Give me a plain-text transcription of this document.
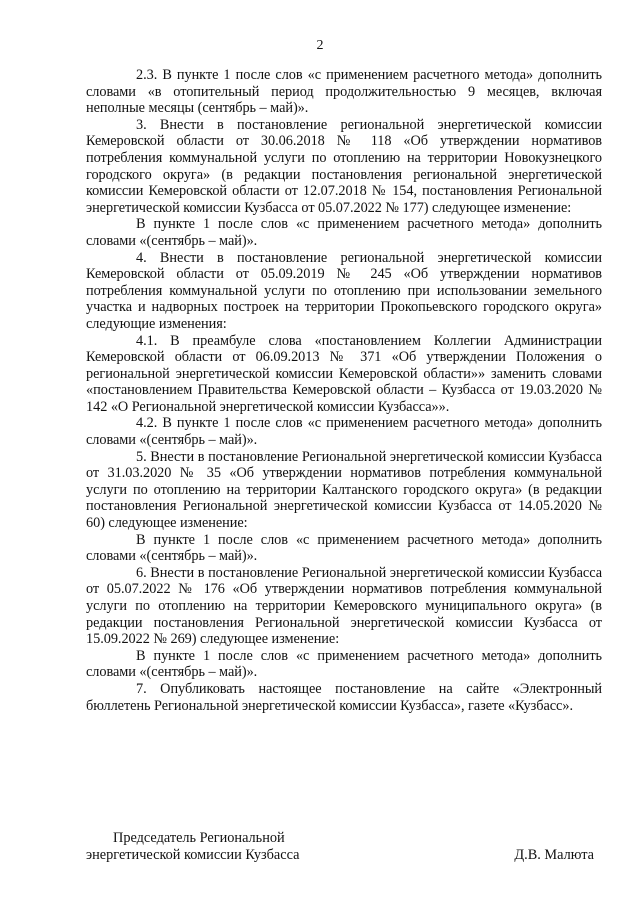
2

2.3. В пункте 1 после слов «с применением расчетного метода» дополнить словами «в отопительный период продолжительностью 9 месяцев, включая неполные месяцы (сентябрь – май)».

3. Внести в постановление региональной энергетической комиссии Кемеровской области от 30.06.2018 № 118 «Об утверждении нормативов потребления коммунальной услуги по отоплению на территории Новокузнецкого городского округа» (в редакции постановления региональной энергетической комиссии Кемеровской области от 12.07.2018 № 154, постановления Региональной энергетической комиссии Кузбасса от 05.07.2022 № 177) следующее изменение:

В пункте 1 после слов «с применением расчетного метода» дополнить словами «(сентябрь – май)».

4. Внести в постановление региональной энергетической комиссии Кемеровской области от 05.09.2019 № 245 «Об утверждении нормативов потребления коммунальной услуги по отоплению при использовании земельного участка и надворных построек на территории Прокопьевского городского округа» следующие изменения:

4.1. В преамбуле слова «постановлением Коллегии Администрации Кемеровской области от 06.09.2013 № 371 «Об утверждении Положения о региональной энергетической комиссии Кемеровской области»» заменить словами «постановлением Правительства Кемеровской области – Кузбасса от 19.03.2020 № 142 «О Региональной энергетической комиссии Кузбасса»».

4.2. В пункте 1 после слов «с применением расчетного метода» дополнить словами «(сентябрь – май)».

5. Внести в постановление Региональной энергетической комиссии Кузбасса от 31.03.2020 № 35 «Об утверждении нормативов потребления коммунальной услуги по отоплению на территории Калтанского городского округа» (в редакции постановления Региональной энергетической комиссии Кузбасса от 14.05.2020 № 60) следующее изменение:

В пункте 1 после слов «с применением расчетного метода» дополнить словами «(сентябрь – май)».

6. Внести в постановление Региональной энергетической комиссии Кузбасса от 05.07.2022 № 176 «Об утверждении нормативов потребления коммунальной услуги по отоплению на территории Кемеровского муниципального округа» (в редакции постановления Региональной энергетической комиссии Кузбасса от 15.09.2022 № 269) следующее изменение:

В пункте 1 после слов «с применением расчетного метода» дополнить словами «(сентябрь – май)».

7. Опубликовать настоящее постановление на сайте «Электронный бюллетень Региональной энергетической комиссии Кузбасса», газете «Кузбасс».

Председатель Региональной
энергетической комиссии Кузбасса	Д.В. Малюта
